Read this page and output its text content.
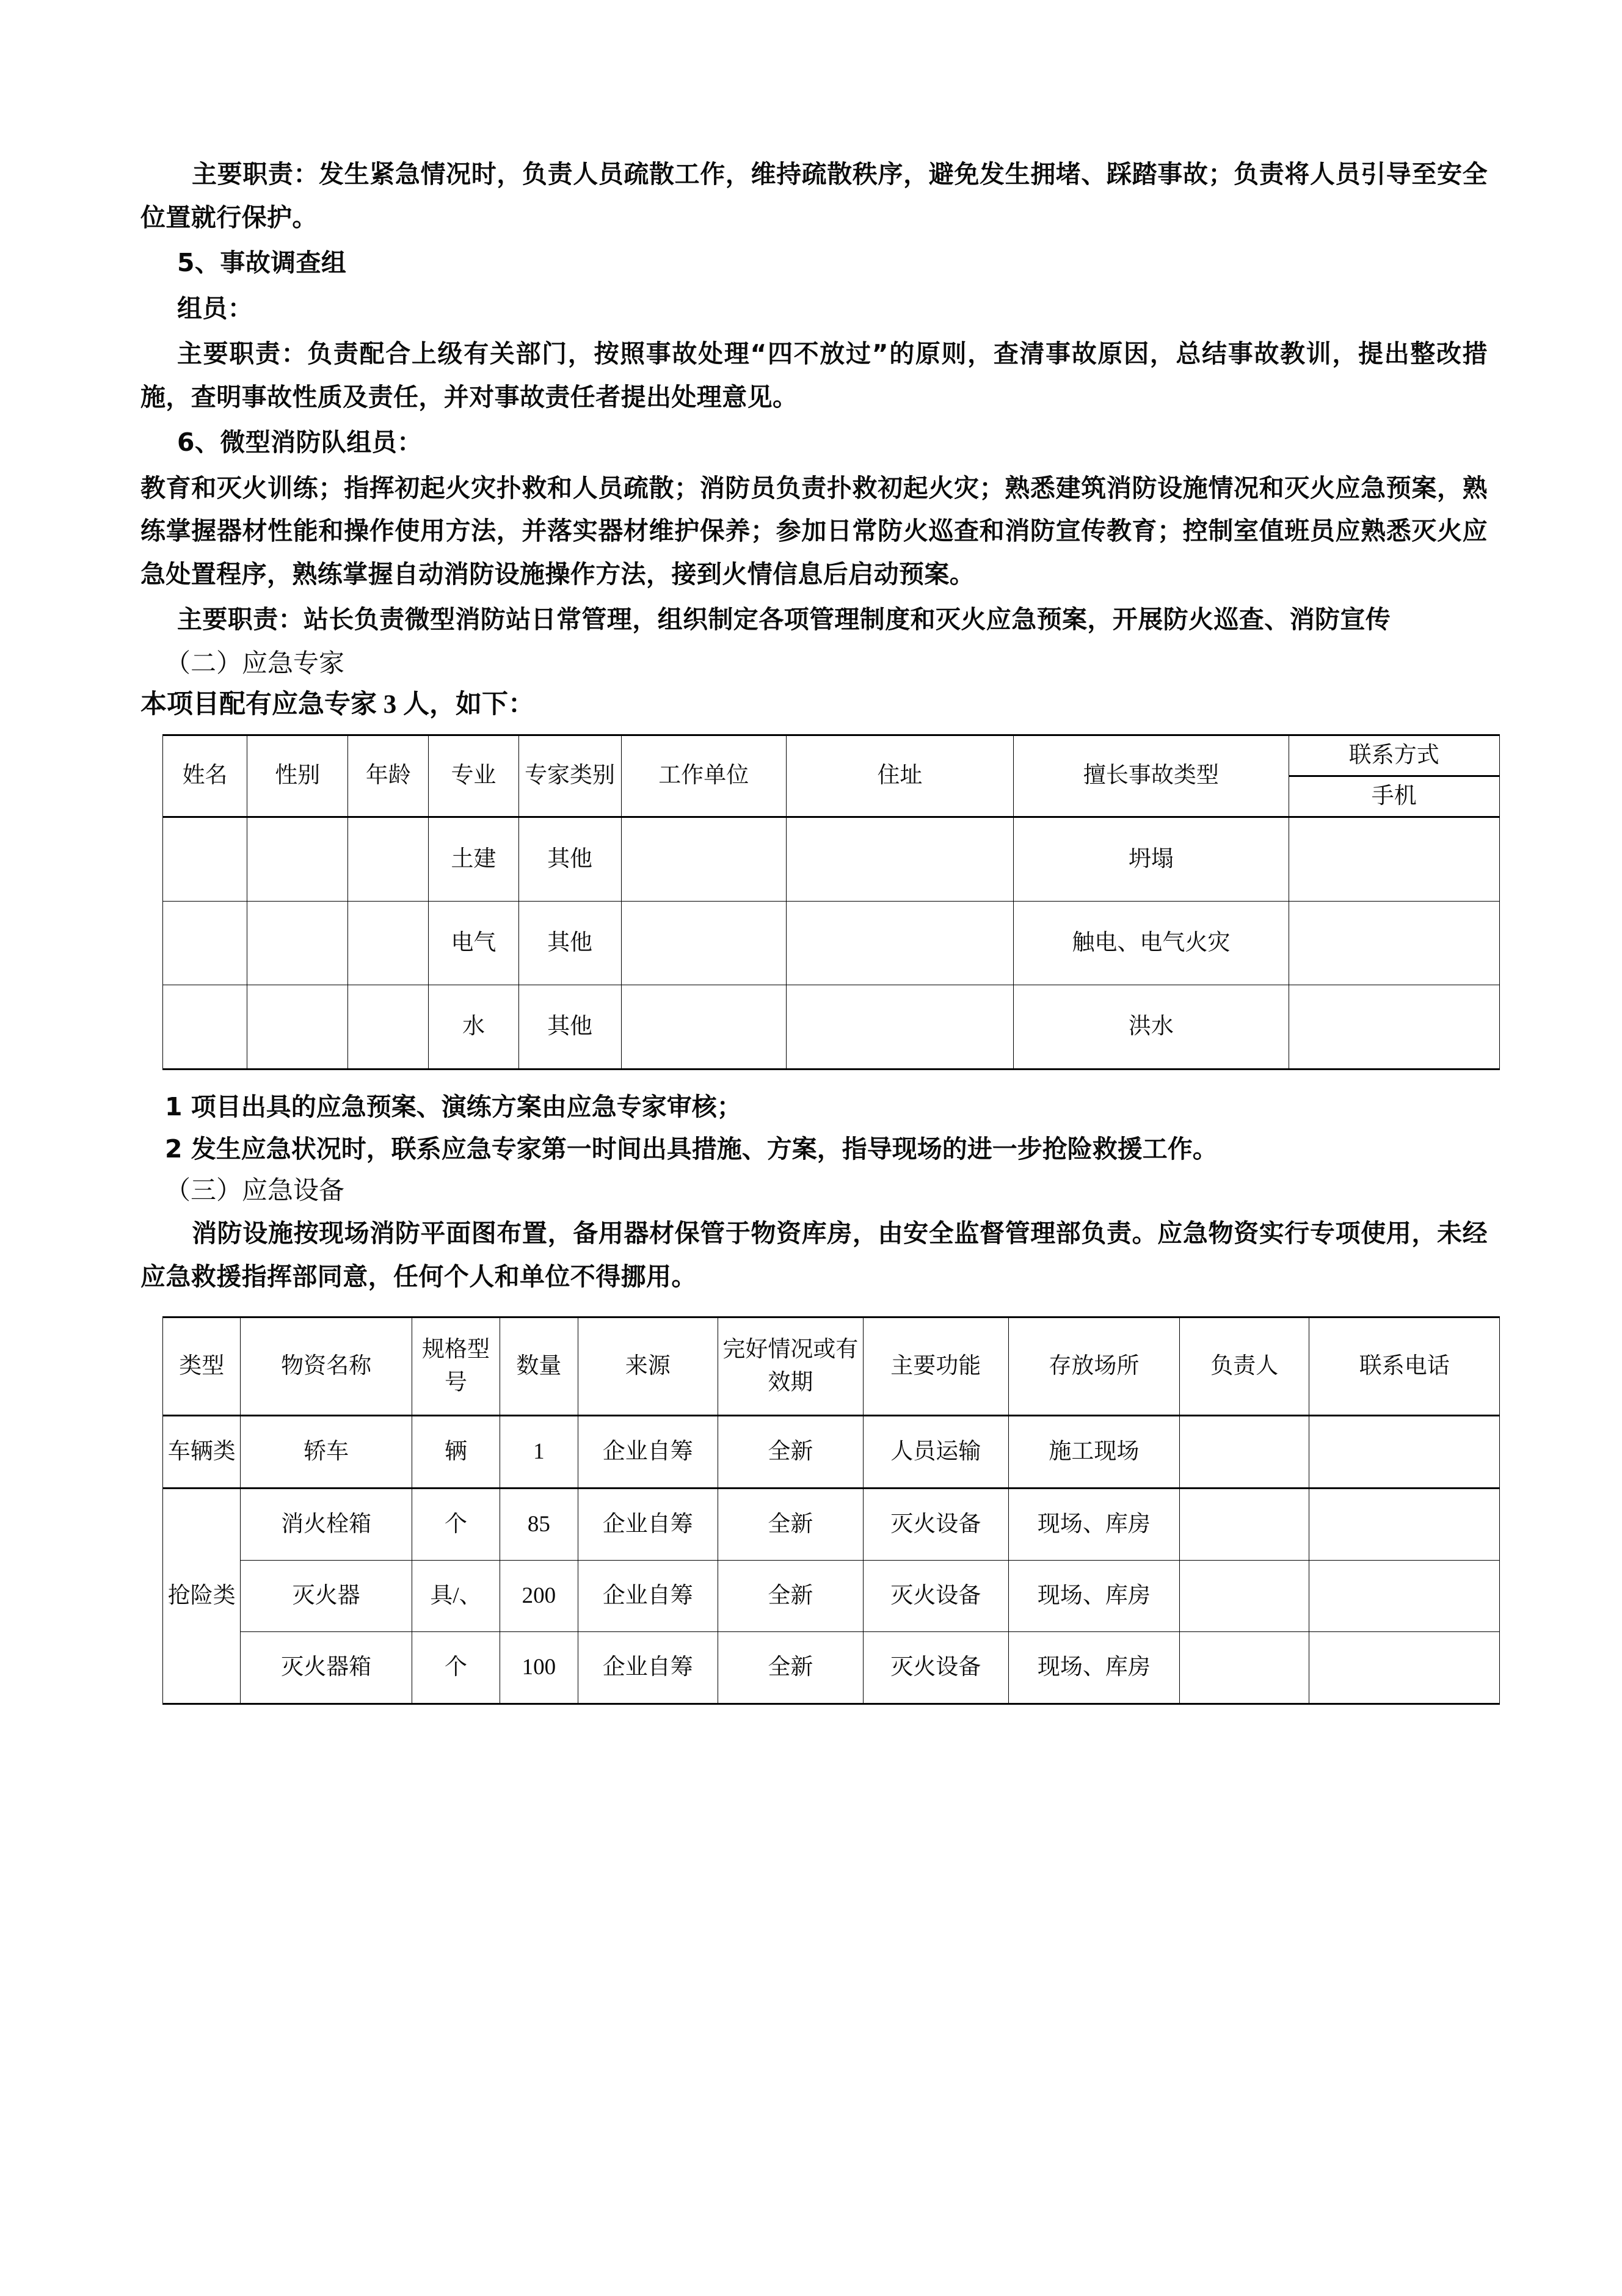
主要职责：发生紧急情况时，负责人员疏散工作，维持疏散秩序，避免发生拥堵、踩踏事故；负责将人员引导至安全位置就行保护。

5、事故调查组

组员：

主要职责：负责配合上级有关部门，按照事故处理“四不放过”的原则，查清事故原因，总结事故教训，提出整改措施，查明事故性质及责任，并对事故责任者提出处理意见。

6、微型消防队组员：

教育和灭火训练；指挥初起火灾扑救和人员疏散；消防员负责扑救初起火灾；熟悉建筑消防设施情况和灭火应急预案，熟练掌握器材性能和操作使用方法，并落实器材维护保养；参加日常防火巡查和消防宣传教育；控制室值班员应熟悉灭火应急处置程序，熟练掌握自动消防设施操作方法，接到火情信息后启动预案。

主要职责：站长负责微型消防站日常管理，组织制定各项管理制度和灭火应急预案，开展防火巡查、消防宣传

（二）应急专家

本项目配有应急专家 3 人，如下：

姓名	性别	年龄	专业	专家类别	工作单位	住址	擅长事故类型	联系方式
								手机
			土建	其他			坍塌	
			电气	其他			触电、电气火灾	
			水	其他			洪水	

1 项目出具的应急预案、演练方案由应急专家审核；

2 发生应急状况时，联系应急专家第一时间出具措施、方案，指导现场的进一步抢险救援工作。

（三）应急设备

消防设施按现场消防平面图布置，备用器材保管于物资库房，由安全监督管理部负责。应急物资实行专项使用，未经应急救援指挥部同意，任何个人和单位不得挪用。

类型	物资名称	规格型号	数量	来源	完好情况或有效期	主要功能	存放场所	负责人	联系电话
车辆类	轿车	辆	1	企业自筹	全新	人员运输	施工现场		
抢险类	消火栓箱	个	85	企业自筹	全新	灭火设备	现场、库房		
	灭火器	具/、	200	企业自筹	全新	灭火设备	现场、库房		
	灭火器箱	个	100	企业自筹	全新	灭火设备	现场、库房		
